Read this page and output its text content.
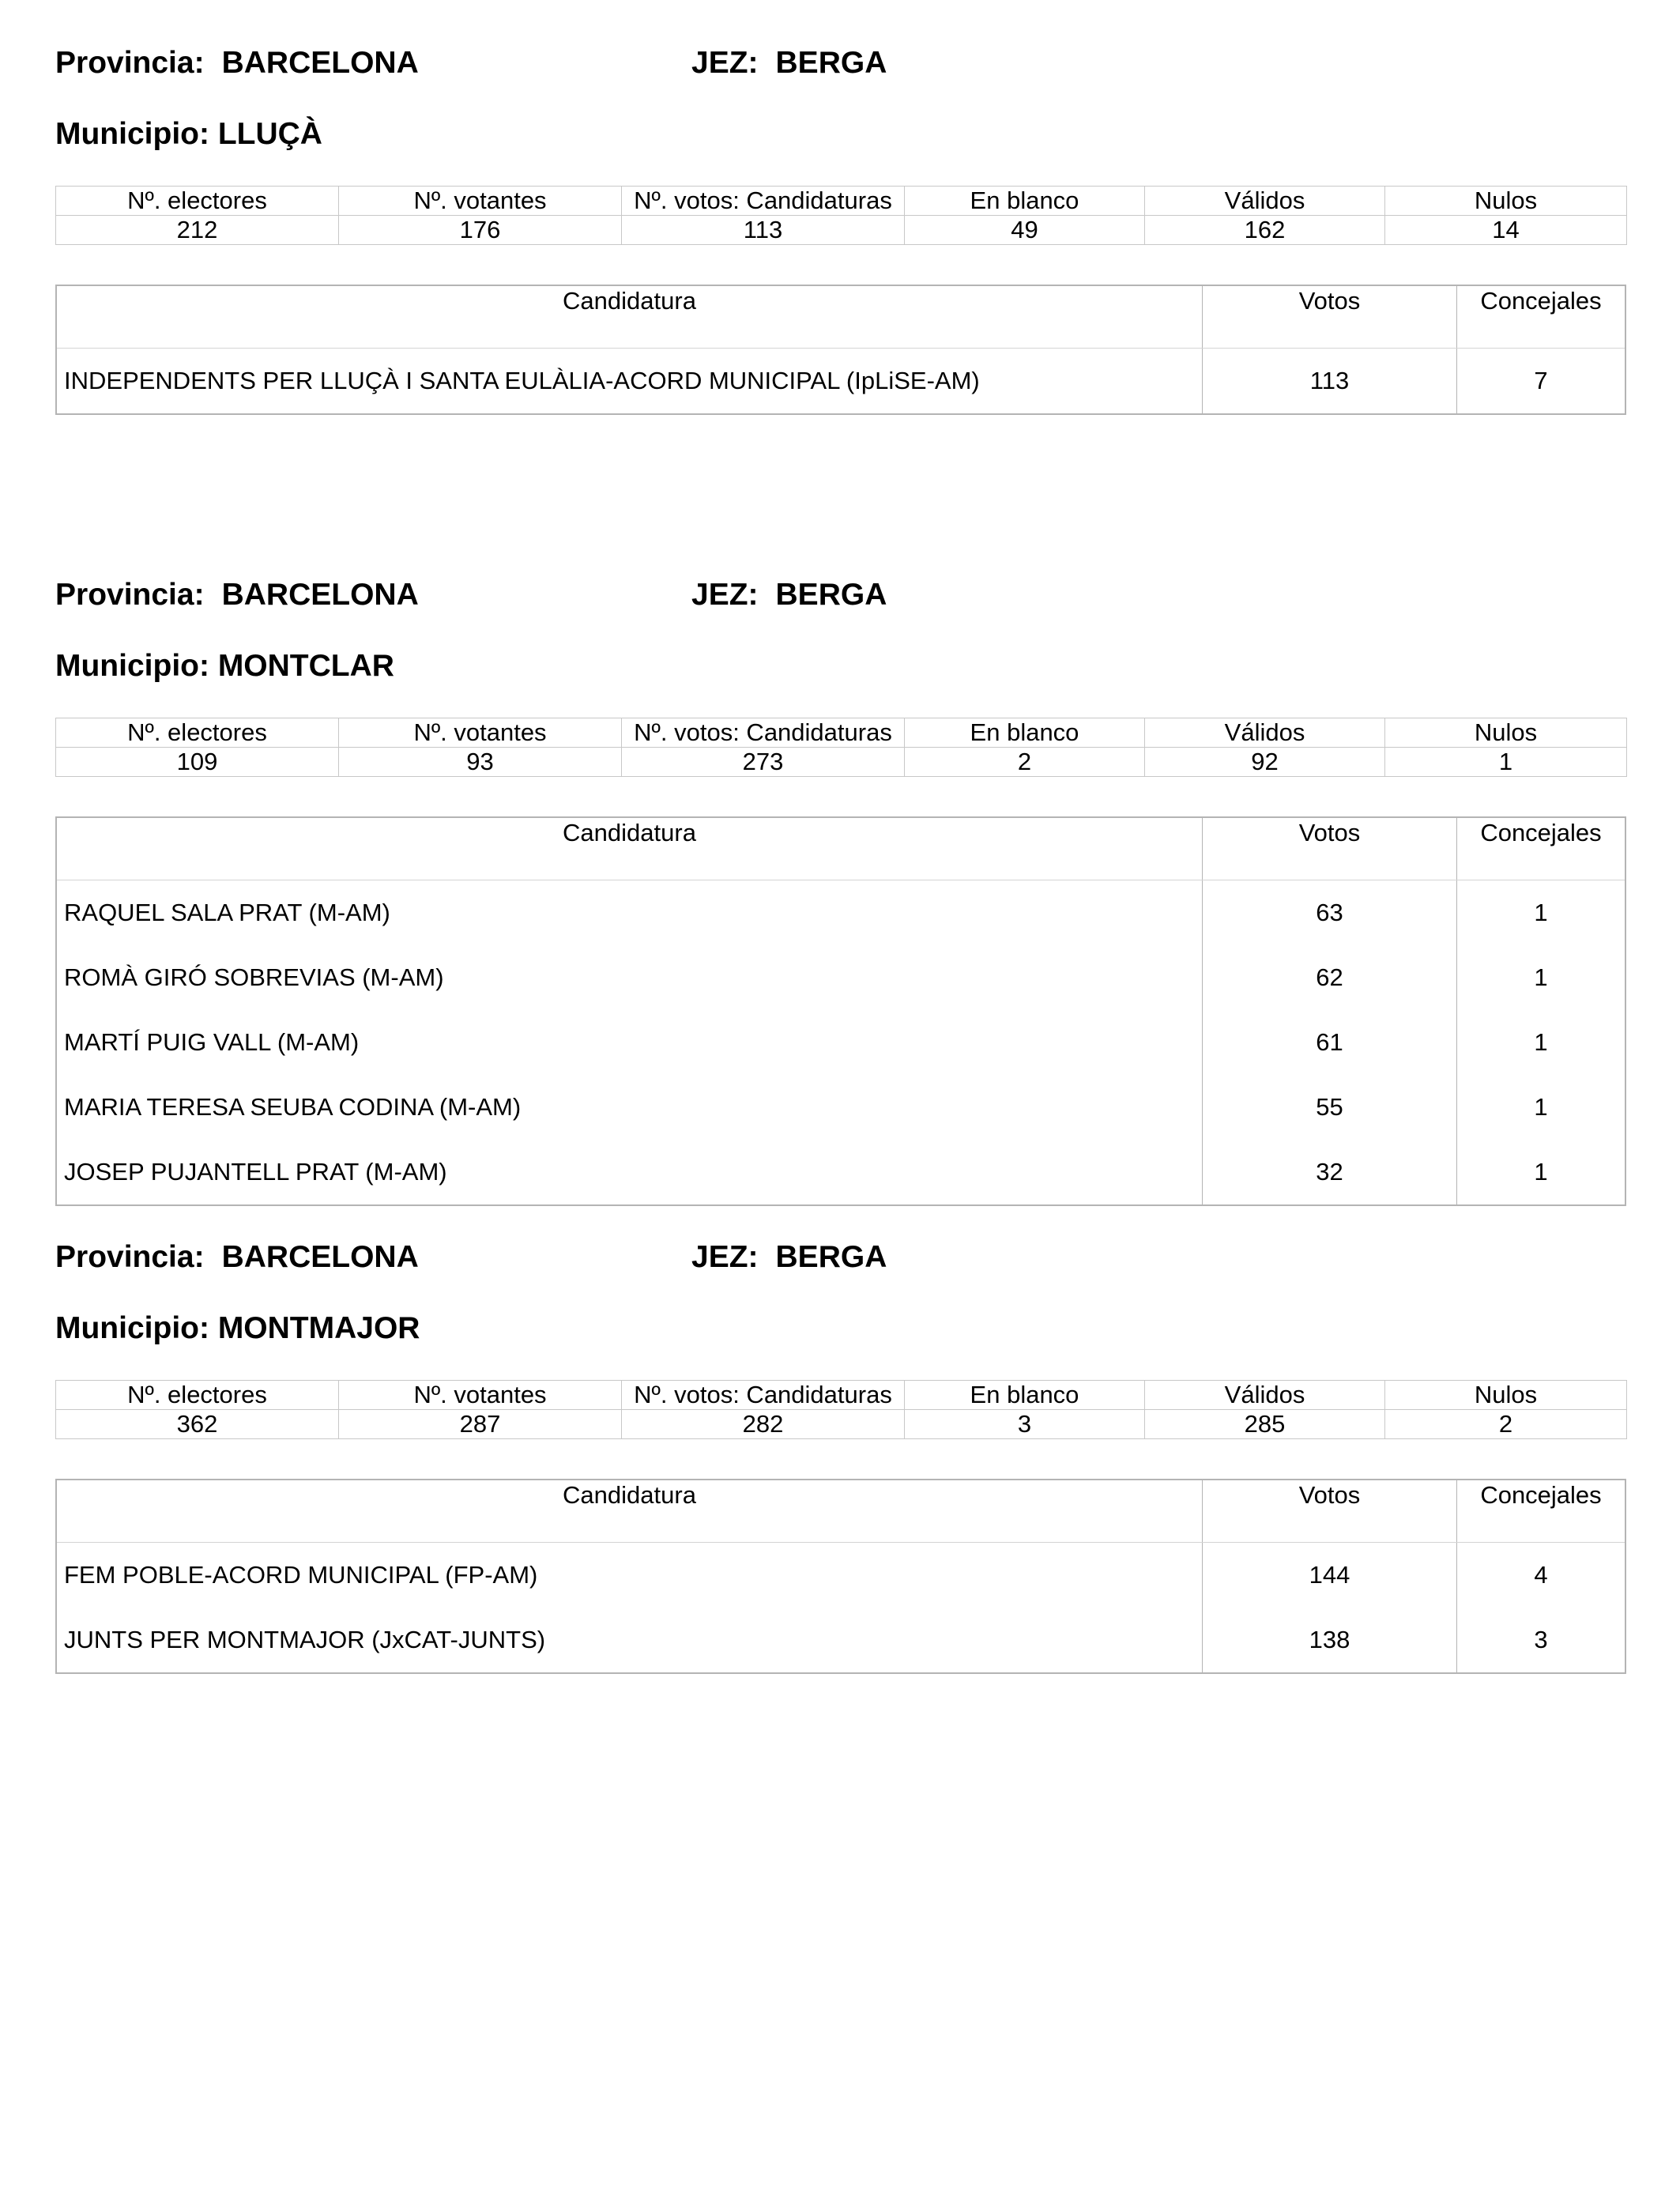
Provincia: BARCELONA	JEZ: BERGA
Municipio: LLUÇÀ
Nº. electores	Nº. votantes	Nº. votos: Candidaturas	En blanco	Válidos	Nulos
212	176	113	49	162	14
Candidatura	Votos	Concejales
INDEPENDENTS PER LLUÇÀ I SANTA EULÀLIA-ACORD MUNICIPAL (IpLiSE-AM)	113	7
Provincia: BARCELONA	JEZ: BERGA
Municipio: MONTCLAR
Nº. electores	Nº. votantes	Nº. votos: Candidaturas	En blanco	Válidos	Nulos
109	93	273	2	92	1
Candidatura	Votos	Concejales
RAQUEL SALA PRAT (M-AM)	63	1
ROMÀ GIRÓ SOBREVIAS (M-AM)	62	1
MARTÍ PUIG VALL (M-AM)	61	1
MARIA TERESA SEUBA CODINA (M-AM)	55	1
JOSEP PUJANTELL PRAT (M-AM)	32	1
Provincia: BARCELONA	JEZ: BERGA
Municipio: MONTMAJOR
Nº. electores	Nº. votantes	Nº. votos: Candidaturas	En blanco	Válidos	Nulos
362	287	282	3	285	2
Candidatura	Votos	Concejales
FEM POBLE-ACORD MUNICIPAL (FP-AM)	144	4
JUNTS PER MONTMAJOR (JxCAT-JUNTS)	138	3
